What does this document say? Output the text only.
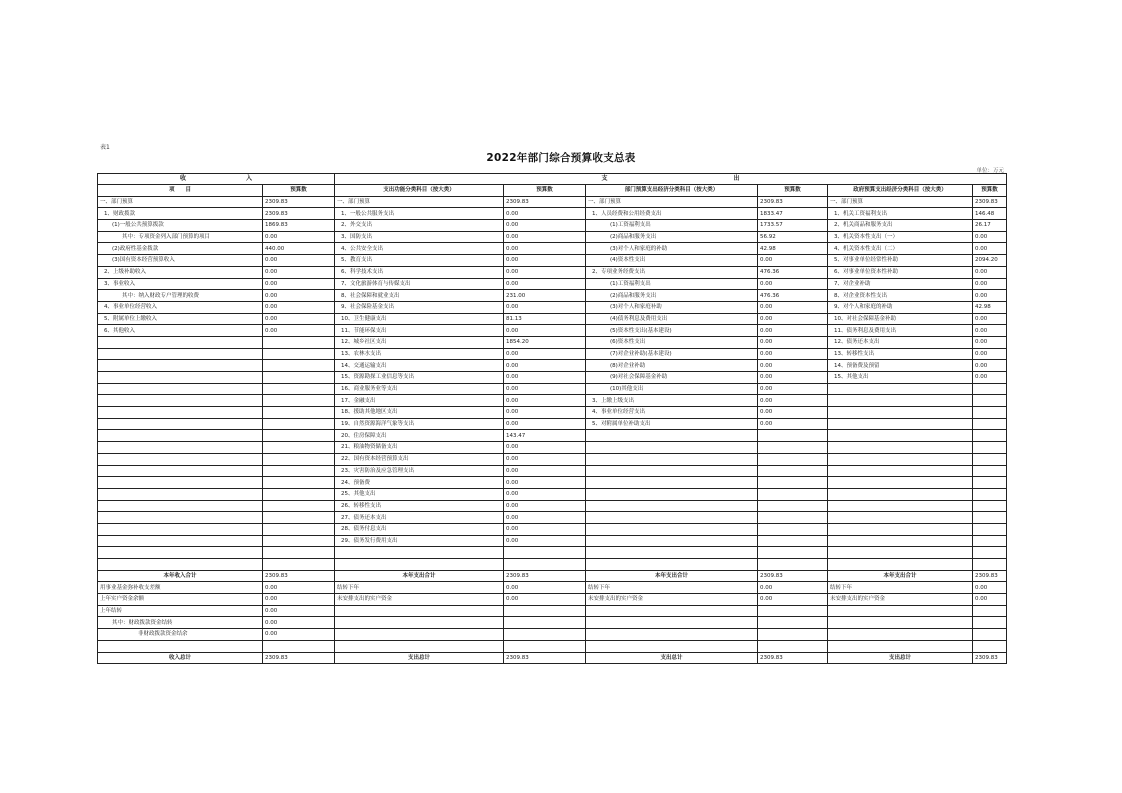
表1
2022年部门综合预算收支总表
单位：万元
收　　　　　　　　　　入		支　　　　　　　　　　　　　　　　　　　　　出					
项　　目	预算数	支出功能分类科目（按大类）	预算数	部门预算支出经济分类科目（按大类）	预算数	政府预算支出经济分类科目（按大类）	预算数
一、部门预算	2309.83	一、部门预算	2309.83	一、部门预算	2309.83	一、部门预算	2309.83
1、财政拨款	2309.83	1、一般公共服务支出	0.00	1、人员经费和公用经费支出	1833.47	1、机关工资福利支出	146.48
(1)一般公共预算拨款	1869.83	2、外交支出	0.00	(1)工资福利支出	1733.57	2、机关商品和服务支出	26.17
其中：专项资金列入部门预算的项目	0.00	3、国防支出	0.00	(2)商品和服务支出	56.92	3、机关资本性支出（一）	0.00
(2)政府性基金拨款	440.00	4、公共安全支出	0.00	(3)对个人和家庭的补助	42.98	4、机关资本性支出（二）	0.00
(3)国有资本经营预算收入	0.00	5、教育支出	0.00	(4)资本性支出	0.00	5、对事业单位经常性补助	2094.20
2、上级补助收入	0.00	6、科学技术支出	0.00	2、专项业务经费支出	476.36	6、对事业单位资本性补助	0.00
3、事业收入	0.00	7、文化旅游体育与传媒支出	0.00	(1)工资福利支出	0.00	7、对企业补助	0.00
其中：纳入财政专户管理的收费	0.00	8、社会保障和就业支出	231.00	(2)商品和服务支出	476.36	8、对企业资本性支出	0.00
4、事业单位经营收入	0.00	9、社会保险基金支出	0.00	(3)对个人和家庭补助	0.00	9、对个人和家庭的补助	42.98
5、附属单位上缴收入	0.00	10、卫生健康支出	81.13	(4)债务利息及费用支出	0.00	10、对社会保障基金补助	0.00
6、其他收入	0.00	11、节能环保支出	0.00	(5)资本性支出(基本建设)	0.00	11、债务利息及费用支出	0.00
		12、城乡社区支出	1854.20	(6)资本性支出	0.00	12、债务还本支出	0.00
		13、农林水支出	0.00	(7)对企业补助(基本建设)	0.00	13、转移性支出	0.00
		14、交通运输支出	0.00	(8)对企业补助	0.00	14、预备费及预留	0.00
		15、资源勘探工业信息等支出	0.00	(9)对社会保障基金补助	0.00	15、其他支出	0.00
		16、商业服务业等支出	0.00	(10)其他支出	0.00		
		17、金融支出	0.00	3、上缴上级支出	0.00		
		18、援助其他地区支出	0.00	4、事业单位经营支出	0.00		
		19、自然资源海洋气象等支出	0.00	5、对附属单位补助支出	0.00		
		20、住房保障支出	143.47				
		21、粮油物资储备支出	0.00				
		22、国有资本经营预算支出	0.00				
		23、灾害防治及应急管理支出	0.00				
		24、预备费	0.00				
		25、其他支出	0.00				
		26、转移性支出	0.00				
		27、债务还本支出	0.00				
		28、债务付息支出	0.00				
		29、债务发行费用支出	0.00				

本年收入合计	2309.83	本年支出合计	2309.83	本年支出合计	2309.83	本年支出合计	2309.83
用事业基金弥补收支差额	0.00	结转下年	0.00	结转下年	0.00	结转下年	0.00
上年实户资金余额	0.00	未安排支出的实户资金	0.00	未安排支出的实户资金	0.00	未安排支出的实户资金	0.00
上年结转	0.00						
其中：财政拨款资金结转	0.00						
非财政拨款资金结余	0.00						

收入总计	2309.83	支出总计	2309.83	支出总计	2309.83	支出总计	2309.83
